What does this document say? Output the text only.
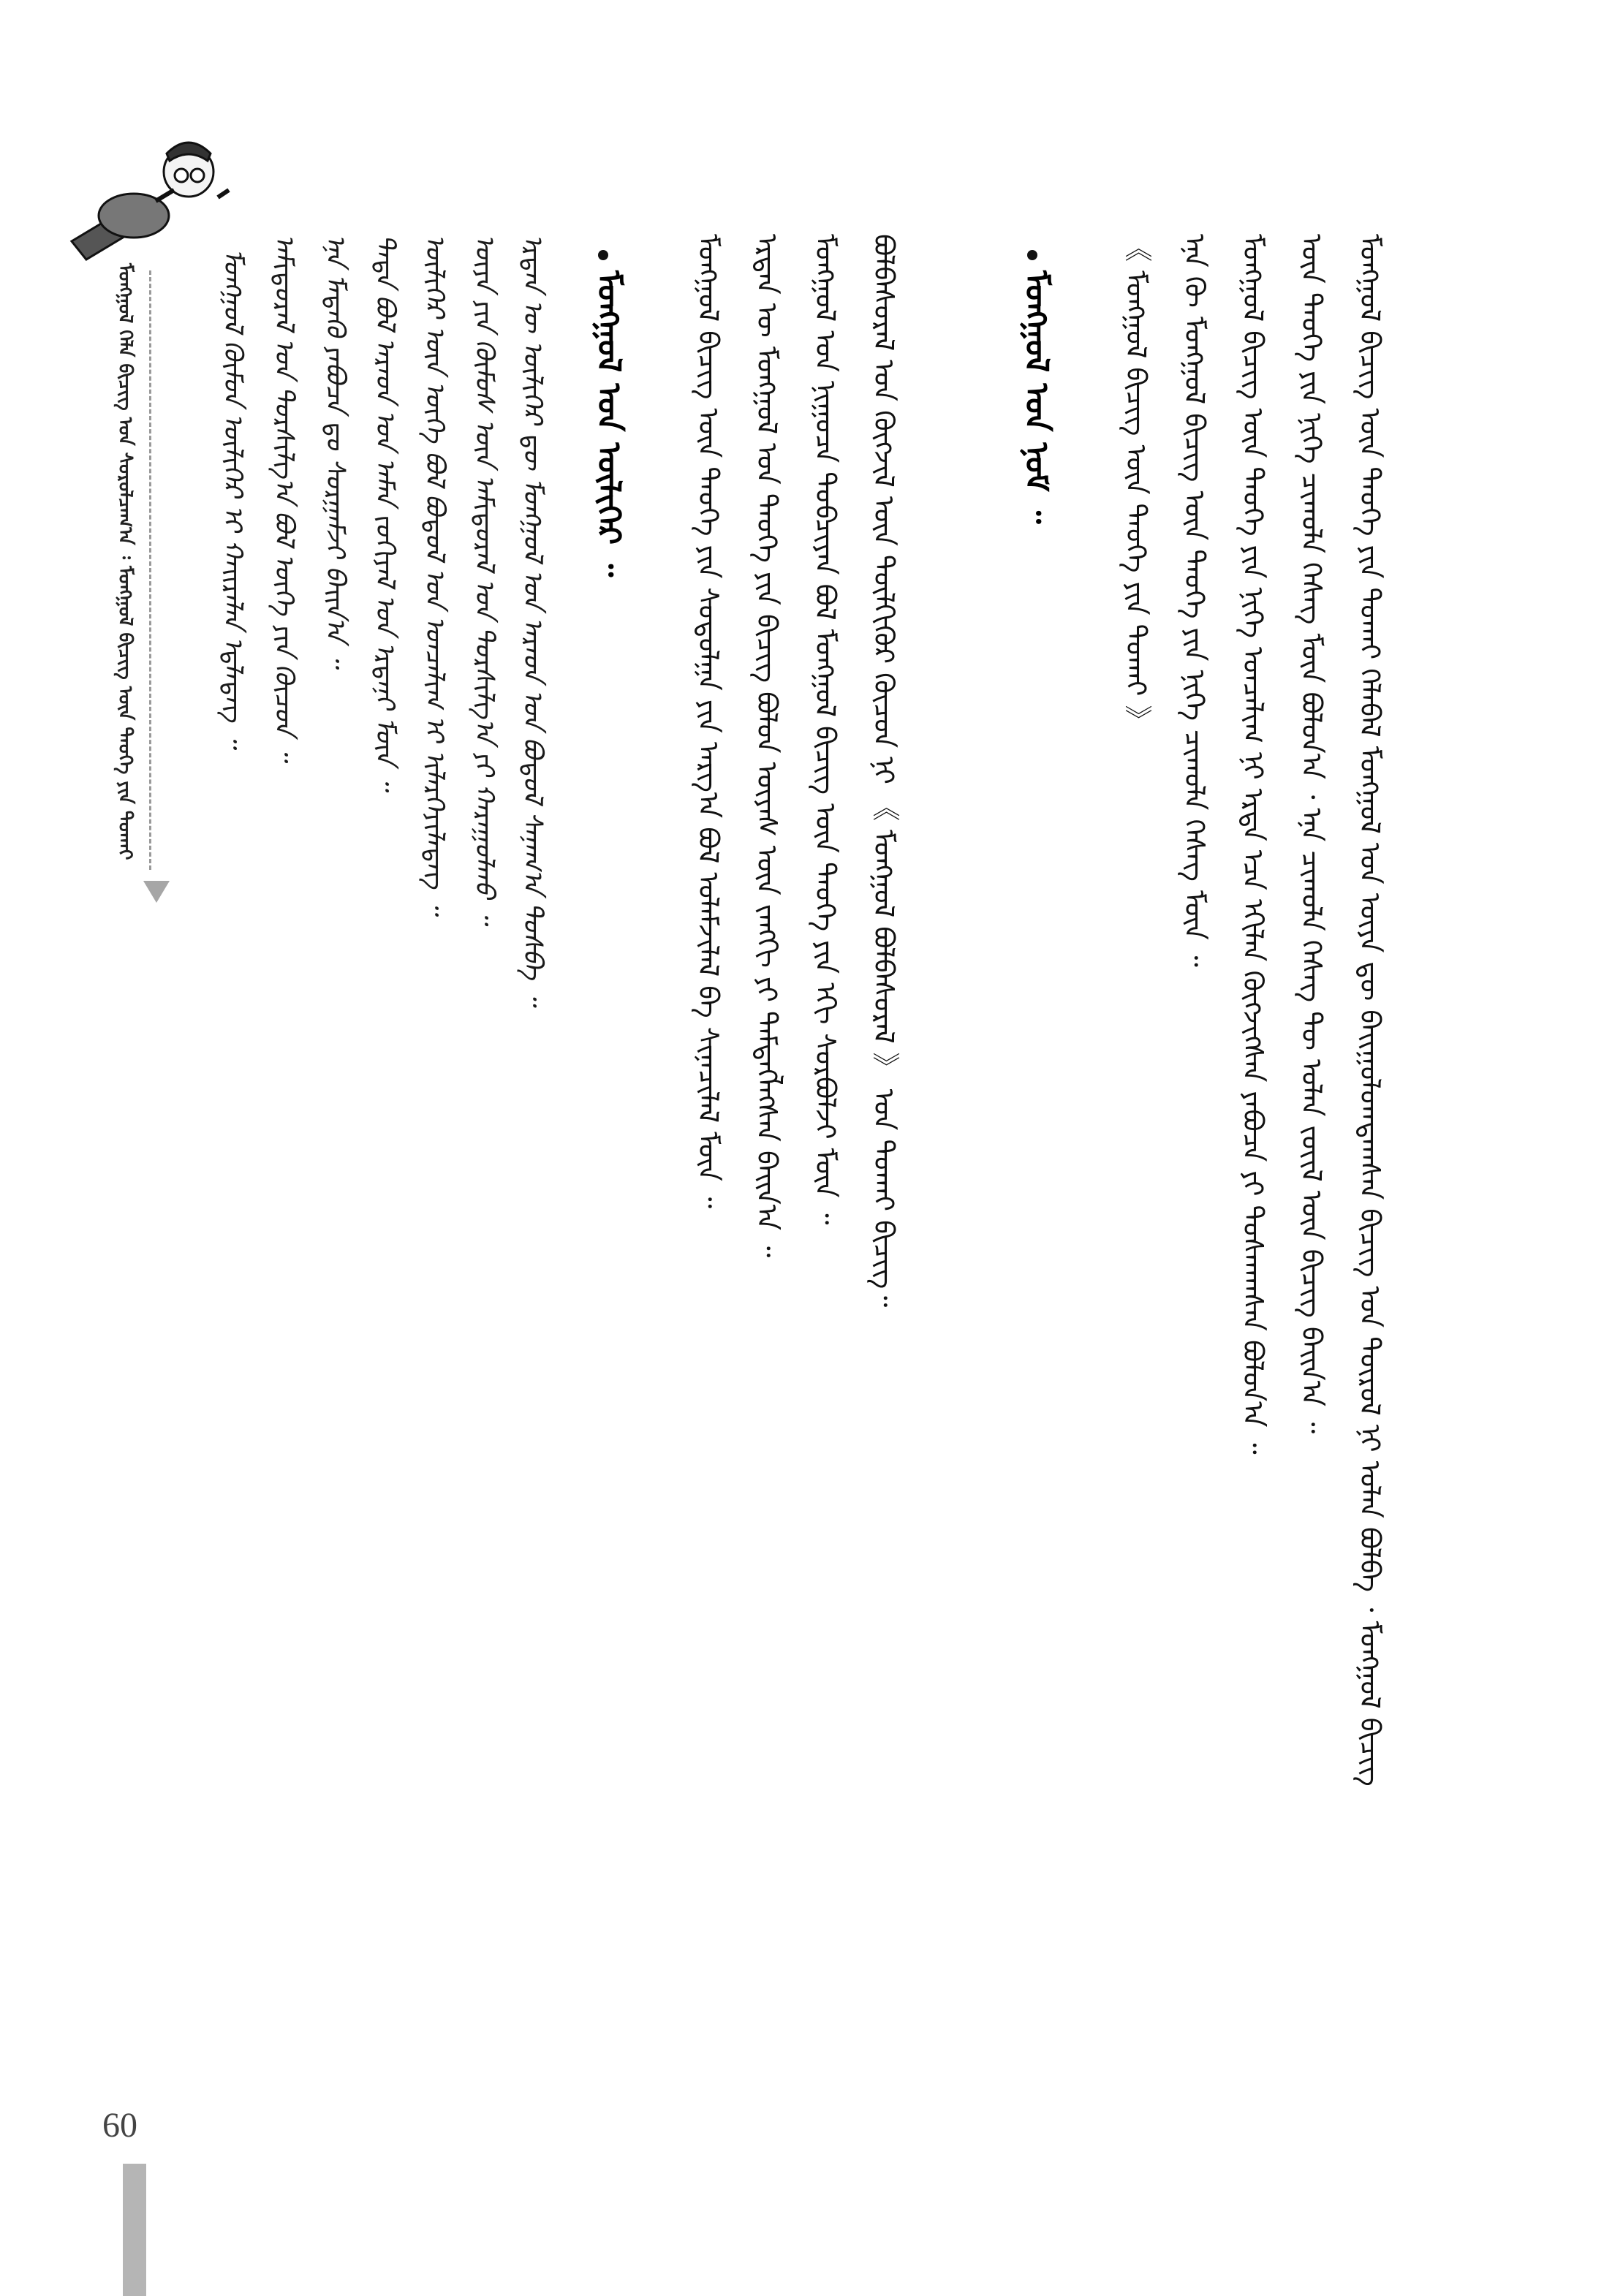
ᠮᠣᠩᠭᠣᠯ ᠬᠡᠯᠡ ᠪᠢᠴᠢᠭ ᠤᠨ ᠰᠤᠷᠤᠯᠴᠠᠭ᠎ᠠ ᠄ ᠮᠣᠩᠭᠣᠯ ᠪᠢᠴᠢᠭ ᠦᠨ ᠲᠡᠦᠬᠡ ᠶᠢᠨ ᠲᠤᠬᠠᠢ	ᠮᠣᠩᠭᠣᠯ ᠬᠦᠮᠦᠨ ᠦᠯᠢᠭᠡᠷ ᠢ ᠬᠠᠢᠷᠠᠯᠠᠨ ᠡᠳ᠋ᠯᠡᠳᠡᠭ ᠃ ᠠᠮᠢᠳᠤᠷᠠᠯ ᠤᠨ ᠲᠤᠷᠰᠢᠯᠭ᠎ᠠ ᠪᠣᠯ ᠦᠭᠡ ᠶᠢᠨ ᠬᠦᠴᠦᠨ ᠃ ᠡᠨᠡ ᠮᠡᠳᠡᠬᠦ ᠶᠠᠪᠤᠴᠠ ᠳᠤ ᠰᠤᠷᠭᠠᠮᠵᠢ ᠪᠠᠢᠨ᠎ᠠ ᠃ ᠲᠡᠳᠡ ᠪᠣᠯ ᠠᠷᠠᠳ ᠤᠨ ᠠᠮᠠᠨ ᠵᠣᠬᠢᠶᠠᠯ ᠤᠨ ᠡᠷᠳᠡᠨᠢ ᠮᠥᠨ ᠃ ᠦᠯᠢᠭᠡᠷ ᠦᠨ ᠦᠭᠡ ᠪᠣᠯ ᠪᠣᠳᠤᠯ ᠤᠨ ᠣᠨᠴᠠᠯᠢᠭ ᠢ ᠢᠯᠡᠷᠬᠡᠶᠢᠯᠡᠳᠡᠭ ᠃ ᠦᠶᠡ ᠶᠢᠨ ᠬᠦᠮᠦᠰ ᠦᠨ ᠠᠮᠢᠳᠤᠷᠠᠯ ᠤᠨ ᠲᠤᠷᠰᠢᠯᠭ᠎ᠠ ᠶᠢ ᠬᠠᠷᠠᠭᠤᠯᠬᠤ ᠃ ᠡᠷᠲᠡᠨ ᠦ ᠦᠯᠢᠭᠡᠷ ᠳᠦ ᠮᠣᠩᠭᠣᠯ ᠤᠨ ᠠᠷᠠᠳ ᠤᠨ ᠪᠣᠳᠤᠯ ᠰᠠᠨᠠᠭ᠎ᠠ ᠲᠤᠰᠪᠠ ᠃ ᠮᠣᠩᠭᠣᠯ ᠤᠨ ᠦᠯᠢᠭᠡᠷ ᠃ ᠮᠣᠩᠭᠣᠯ ᠪᠢᠴᠢᠭ ᠦᠨ ᠲᠡᠦᠬᠡ ᠶᠢᠨ ᠰᠤᠳᠤᠯᠭᠠ ᠶᠢᠨ ᠠᠷᠭ᠎ᠠ ᠪᠣᠯ ᠤᠯᠠᠮᠵᠢᠯᠠᠯ ᠪᠠ ᠰᠢᠨᠡᠴᠢᠯᠡᠯ ᠮᠥᠨ ᠃ ᠡᠷᠲᠡᠨ ᠦ ᠮᠣᠩᠭᠣᠯ ᠤᠨ ᠲᠡᠦᠬᠡ ᠶᠢᠨ ᠪᠢᠴᠢᠭ ᠪᠣᠯᠤᠨ ᠦᠶᠡᠰ ᠦᠨ ᠵᠠᠩᠭᠢ ᠶᠢ ᠲᠡᠮᠳᠡᠭᠯᠡᠭᠰᠡᠨ ᠪᠠᠢᠨ᠎ᠠ ᠃ ᠮᠣᠩᠭᠣᠯ ᠤᠨ ᠨᠢᠭᠤᠴᠠ ᠲᠣᠪᠴᠢᠶᠠᠨ ᠪᠣᠯ ᠮᠣᠩᠭᠣᠯ ᠪᠢᠴᠢᠭ ᠦᠨ ᠲᠡᠦᠬᠡ ᠶᠢᠨ ᠡᠬᠢ ᠰᠤᠷᠪᠤᠯᠵᠢ ᠮᠥᠨ ᠃ ᠪᠣᠯᠪᠠᠰᠤᠷᠠᠯ ᠤᠨ ᠬᠥᠭᠵᠢᠯ ᠦᠨ ᠲᠦᠯᠬᠢᠭᠦᠷ ᠬᠦᠴᠦᠨ ᠨᠢ 《 ᠮᠣᠩᠭᠣᠯ ᠪᠣᠯᠪᠠᠰᠤᠷᠠᠯ 》 ᠤᠨ ᠲᠤᠬᠠᠢ ᠪᠢᠴᠢᠭ᠃	ᠮᠣᠩᠭᠣᠯ ᠤᠨ ᠨᠣᠮ ᠃ 《 ᠮᠣᠩᠭᠣᠯ ᠪᠢᠴᠢᠭ ᠦᠨ ᠲᠡᠦᠬᠡ ᠶᠢᠨ ᠲᠤᠬᠠᠢ 》 ᠡᠨᠡ ᠬᠦ ᠮᠣᠩᠭᠣᠯ ᠪᠢᠴᠢᠭ ᠦᠨ ᠲᠡᠦᠬᠡ ᠶᠢᠨ ᠨᠢᠭᠡ ᠴᠢᠬᠤᠯᠠ ᠬᠡᠰᠡᠭ ᠮᠥᠨ ᠃ ᠮᠣᠩᠭᠣᠯ ᠪᠢᠴᠢᠭ ᠦᠨ ᠲᠡᠦᠬᠡ ᠶᠢᠨ ᠨᠢᠭᠡ ᠣᠨᠴᠠᠯᠢᠭ ᠨᠢ ᠡᠷᠲᠡ ᠡᠴᠡ ᠡᠬᠢᠯᠡᠨ ᠬᠥᠭᠵᠢᠭᠰᠡᠨ ᠶᠠᠪᠤᠴᠠ ᠶᠢ ᠲᠤᠰᠬᠠᠭᠰᠠᠨ ᠪᠣᠯᠤᠨ᠎ᠠ ᠃ ᠦᠨ ᠲᠡᠦᠬᠡ ᠶᠢᠨ ᠨᠢᠭᠡ ᠴᠢᠬᠤᠯᠠ ᠬᠡᠰᠡᠭ ᠮᠥᠨ ᠪᠣᠯᠤᠨ᠎ᠠ ᠂ ᠡᠨᠡ ᠴᠢᠬᠤᠯᠠ ᠬᠡᠰᠡᠭ ᠲᠦ ᠣᠯᠠᠨ ᠵᠦᠢᠯ ᠦᠨ ᠪᠢᠴᠢᠭ ᠪᠠᠢᠨ᠎ᠠ ᠃ ᠮᠣᠩᠭᠣᠯ ᠪᠢᠴᠢᠭ ᠦᠨ ᠲᠡᠦᠬᠡ ᠶᠢᠨ ᠲᠤᠬᠠᠢ ᠬᠡᠯᠡᠪᠡᠯ ᠮᠣᠩᠭᠣᠯ ᠤᠨ ᠦᠶᠡ ᠳᠦ ᠪᠠᠢᠭᠤᠯᠤᠭᠳᠠᠭᠰᠠᠨ ᠪᠢᠴᠢᠭ ᠤᠨ ᠲᠦᠷᠦᠯ ᠨᠢ ᠣᠯᠠᠨ ᠪᠣᠯᠪᠠ ᠂ ᠮᠣᠩᠭᠣᠯ ᠪᠢᠴᠢᠭ
60
